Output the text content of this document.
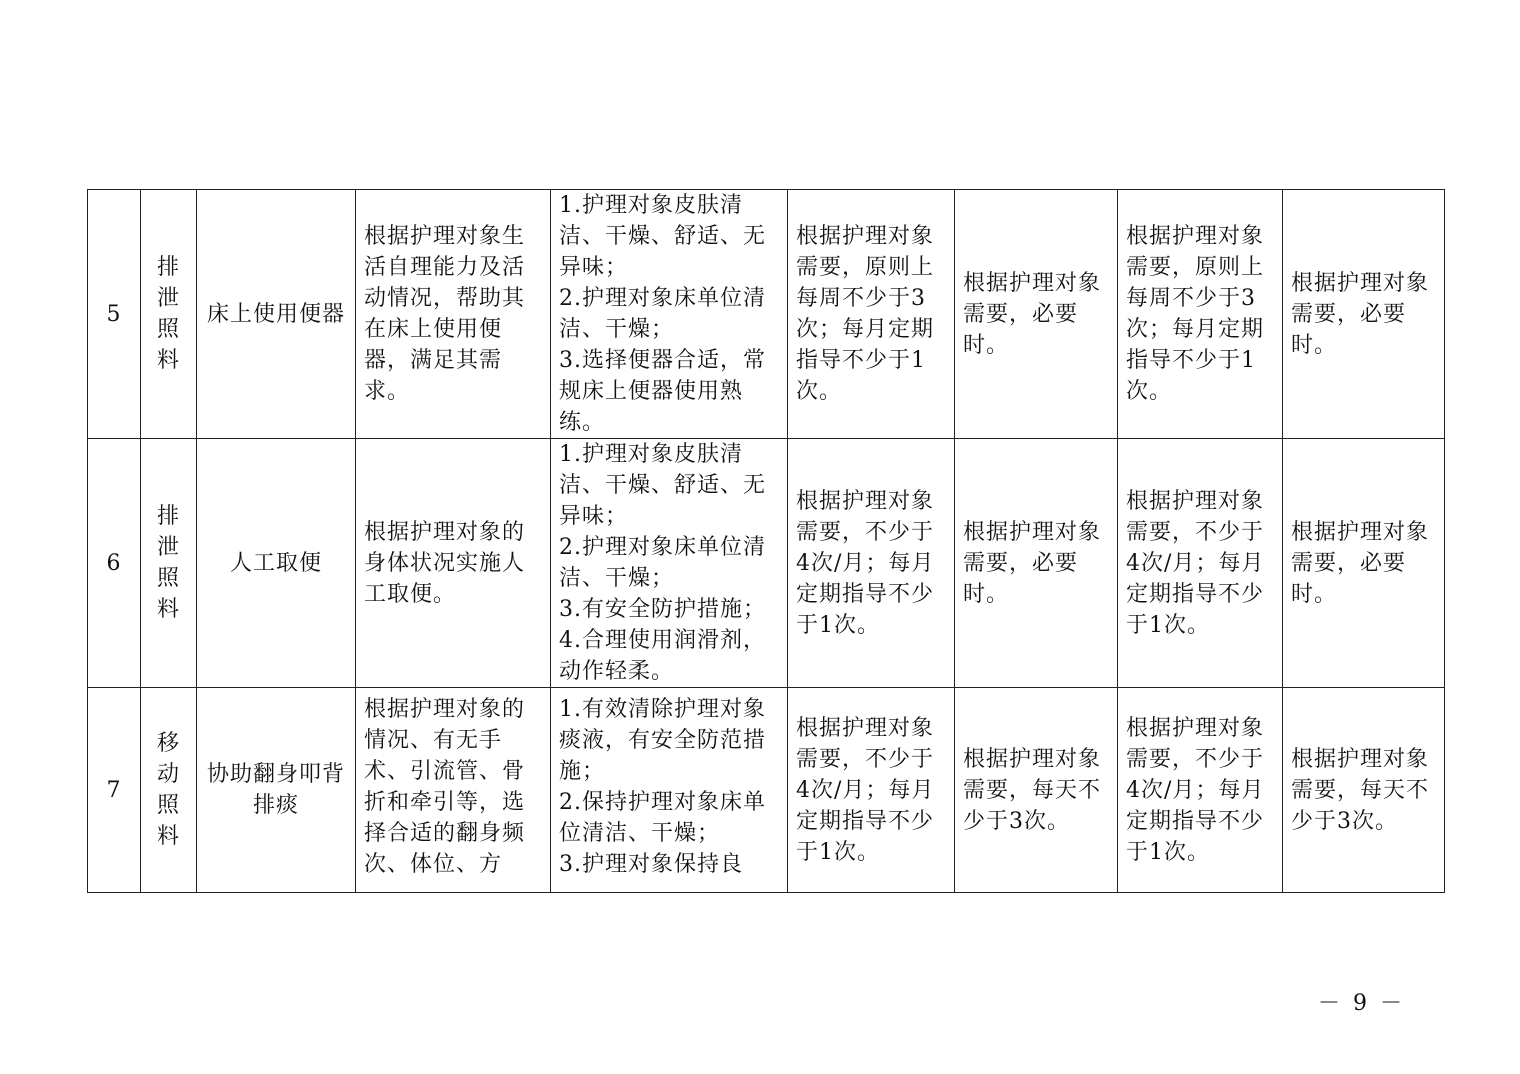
5	排泄照料	床上使用便器	根据护理对象生活自理能力及活动情况，帮助其在床上使用便器，满足其需求。	1.护理对象皮肤清洁、干燥、舒适、无异味；
2.护理对象床单位清洁、干燥；
3.选择便器合适，常规床上便器使用熟练。	根据护理对象需要，原则上每周不少于3次；每月定期指导不少于1次。	根据护理对象需要，必要时。	根据护理对象需要，原则上每周不少于3次；每月定期指导不少于1次。	根据护理对象需要，必要时。
6	排泄照料	人工取便	根据护理对象的身体状况实施人工取便。	1.护理对象皮肤清洁、干燥、舒适、无异味；
2.护理对象床单位清洁、干燥；
3.有安全防护措施；
4.合理使用润滑剂，动作轻柔。	根据护理对象需要，不少于4次/月；每月定期指导不少于1次。	根据护理对象需要，必要时。	根据护理对象需要，不少于4次/月；每月定期指导不少于1次。	根据护理对象需要，必要时。
7	移动照料	协助翻身叩背排痰	根据护理对象的情况、有无手术、引流管、骨折和牵引等，选择合适的翻身频次、体位、方	1.有效清除护理对象痰液，有安全防范措施；
2.保持护理对象床单位清洁、干燥；
3.护理对象保持良	根据护理对象需要，不少于4次/月；每月定期指导不少于1次。	根据护理对象需要，每天不少于3次。	根据护理对象需要，不少于4次/月；每月定期指导不少于1次。	根据护理对象需要，每天不少于3次。
－ 9 －
